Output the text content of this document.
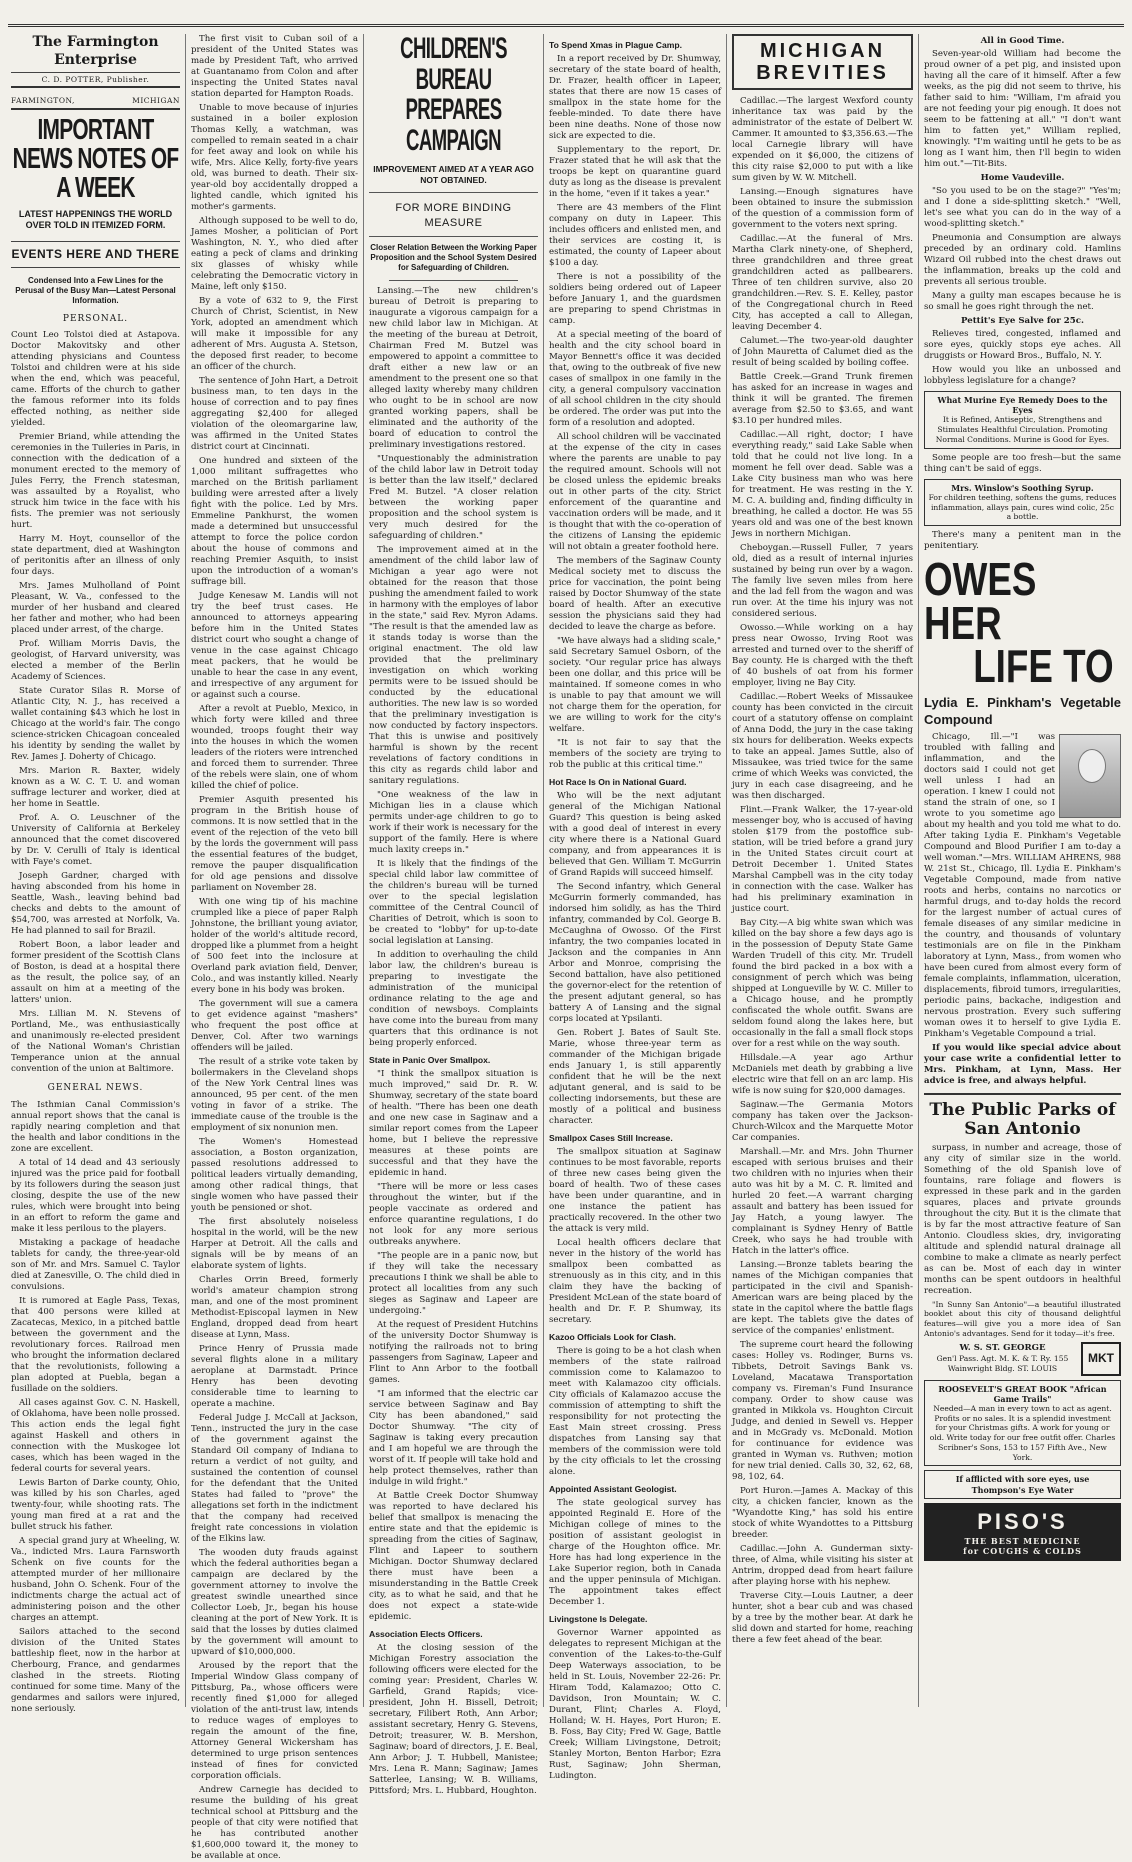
The Farmington Enterprise
C. D. POTTER, Publisher.
FARMINGTON,	MICHIGAN
IMPORTANT NEWS NOTES OF A WEEK
LATEST HAPPENINGS THE WORLD OVER TOLD IN ITEMIZED FORM.
EVENTS HERE AND THERE
Condensed Into a Few Lines for the Perusal of the Busy Man—Latest Personal Information.
PERSONAL.

Count Leo Tolstoi died at Astapova. Doctor Makovitsky and other attending physicians and Countess Tolstoi and children were at his side when the end, which was peaceful, came. Efforts of the church to gather the famous reformer into its folds effected nothing, as neither side yielded.

Premier Briand, while attending the ceremonies in the Tuileries in Paris, in connection with the dedication of a monument erected to the memory of Jules Ferry, the French statesman, was assaulted by a Royalist, who struck him twice in the face with his fists. The premier was not seriously hurt.

Harry M. Hoyt, counsellor of the state department, died at Washington of peritonitis after an illness of only four days.

Mrs. James Mulholland of Point Pleasant, W. Va., confessed to the murder of her husband and cleared her father and mother, who had been placed under arrest, of the charge.

Prof. William Morris Davis, the geologist, of Harvard university, was elected a member of the Berlin Academy of Sciences.

State Curator Silas R. Morse of Atlantic City, N. J., has received a wallet containing $43 which he lost in Chicago at the world's fair. The congo science-stricken Chicagoan concealed his identity by sending the wallet by Rev. James J. Doherty of Chicago.

Mrs. Marion R. Baxter, widely known as a W. C. T. U. and woman suffrage lecturer and worker, died at her home in Seattle.

Prof. A. O. Leuschner of the University of California at Berkeley announced that the comet discovered by Dr. V. Cerulli of Italy is identical with Faye's comet.

Joseph Gardner, charged with having absconded from his home in Seattle, Wash., leaving behind bad checks and debts to the amount of $54,700, was arrested at Norfolk, Va. He had planned to sail for Brazil.

Robert Boon, a labor leader and former president of the Scottish Clans of Boston, is dead at a hospital there as the result, the police say, of an assault on him at a meeting of the latters' union.

Mrs. Lillian M. N. Stevens of Portland, Me., was enthusiastically and unanimously re-elected president of the National Woman's Christian Temperance union at the annual convention of the union at Baltimore.

GENERAL NEWS.

The Isthmian Canal Commission's annual report shows that the canal is rapidly nearing completion and that the health and labor conditions in the zone are excellent.

A total of 14 dead and 43 seriously injured was the price paid for football by its followers during the season just closing, despite the use of the new rules, which were brought into being in an effort to reform the game and make it less perilous to the players.

Mistaking a package of headache tablets for candy, the three-year-old son of Mr. and Mrs. Samuel C. Taylor died at Zanesville, O. The child died in convulsions.

It is rumored at Eagle Pass, Texas, that 400 persons were killed at Zacatecas, Mexico, in a pitched battle between the government and the revolutionary forces. Railroad men who brought the information declared that the revolutionists, following a plan adopted at Puebla, began a fusillade on the soldiers.

All cases against Gov. C. N. Haskell, of Oklahoma, have been nolle prossed. This action ends the legal fight against Haskell and others in connection with the Muskogee lot cases, which has been waged in the federal courts for several years.

Lewis Barton of Darke county, Ohio, was killed by his son Charles, aged twenty-four, while shooting rats. The young man fired at a rat and the bullet struck his father.

A special grand jury at Wheeling, W. Va., indicted Mrs. Laura Farnsworth Schenk on five counts for the attempted murder of her millionaire husband, John O. Schenk. Four of the indictments charge the actual act of administering poison and the other charges an attempt.

Sailors attached to the second division of the United States battleship fleet, now in the harbor at Cherbourg, France, and gendarmes clashed in the streets. Rioting continued for some time. Many of the gendarmes and sailors were injured, none seriously.

The first visit to Cuban soil of a president of the United States was made by President Taft, who arrived at Guantanamo from Colon and after inspecting the United States naval station departed for Hampton Roads.

Unable to move because of injuries sustained in a boiler explosion Thomas Kelly, a watchman, was compelled to remain seated in a chair for feet away and look on while his wife, Mrs. Alice Kelly, forty-five years old, was burned to death. Their six-year-old boy accidentally dropped a lighted candle, which ignited his mother's garments.

Although supposed to be well to do, James Mosher, a politician of Port Washington, N. Y., who died after eating a peck of clams and drinking six glasses of whisky while celebrating the Democratic victory in Maine, left only $150.

By a vote of 632 to 9, the First Church of Christ, Scientist, in New York, adopted an amendment which will make it impossible for any adherent of Mrs. Augusta A. Stetson, the deposed first reader, to become an officer of the church.

The sentence of John Hart, a Detroit business man, to ten days in the house of correction and to pay fines aggregating $2,400 for alleged violation of the oleomargarine law, was affirmed in the United States district court at Cincinnati.

One hundred and sixteen of the 1,000 militant suffragettes who marched on the British parliament building were arrested after a lively fight with the police. Led by Mrs. Emmeline Pankhurst, the women made a determined but unsuccessful attempt to force the police cordon about the house of commons and reaching Premier Asquith, to insist upon the introduction of a woman's suffrage bill.

Judge Kenesaw M. Landis will not try the beef trust cases. He announced to attorneys appearing before him in the United States district court who sought a change of venue in the case against Chicago meat packers, that he would be unable to hear the case in any event, and irrespective of any argument for or against such a course.

After a revolt at Pueblo, Mexico, in which forty were killed and three wounded, troops fought their way into the houses in which the women leaders of the rioters were intrenched and forced them to surrender. Three of the rebels were slain, one of whom killed the chief of police.

Premier Asquith presented his program in the British house of commons. It is now settled that in the event of the rejection of the veto bill by the lords the government will pass the essential features of the budget, remove the pauper disqualification for old age pensions and dissolve parliament on November 28.

With one wing tip of his machine crumpled like a piece of paper Ralph Johnstone, the brilliant young aviator, holder of the world's altitude record, dropped like a plummet from a height of 500 feet into the inclosure at Overland park aviation field, Denver, Colo., and was instantly killed. Nearly every bone in his body was broken.

The government will sue a camera to get evidence against "mashers" who frequent the post office at Denver, Col. After two warnings offenders will be jailed.

The result of a strike vote taken by boilermakers in the Cleveland shops of the New York Central lines was announced, 95 per cent. of the men voting in favor of a strike. The immediate cause of the trouble is the employment of six nonunion men.

The Women's Homestead association, a Boston organization, passed resolutions addressed to political leaders virtually demanding, among other radical things, that single women who have passed their youth be pensioned or shot.

The first absolutely noiseless hospital in the world, will be the new Harper at Detroit. All the calls and signals will be by means of an elaborate system of lights.

Charles Orrin Breed, formerly world's amateur champion strong man, and one of the most prominent Methodist-Episcopal laymen in New England, dropped dead from heart disease at Lynn, Mass.

Prince Henry of Prussia made several flights alone in a military aeroplane at Darmstadt. Prince Henry has been devoting considerable time to learning to operate a machine.

Federal Judge J. McCall at Jackson, Tenn., instructed the jury in the case of the government against the Standard Oil company of Indiana to return a verdict of not guilty, and sustained the contention of counsel for the defendant that the United States had failed to "prove" the allegations set forth in the indictment that the company had received freight rate concessions in violation of the Elkins law.

The wooden duty frauds against which the federal authorities began a campaign are declared by the government attorney to involve the greatest swindle unearthed since Collector Loeb, Jr., began his house cleaning at the port of New York. It is said that the losses by duties claimed by the government will amount to upward of $10,000,000.

Aroused by the report that the Imperial Window Glass company of Pittsburg, Pa., whose officers were recently fined $1,000 for alleged violation of the anti-trust law, intends to reduce wages of employes to regain the amount of the fine, Attorney General Wickersham has determined to urge prison sentences instead of fines for convicted corporation officials.

Andrew Carnegie has decided to resume the building of his great technical school at Pittsburg and the people of that city were notified that he has contributed another $1,600,000 toward it, the money to be available at once.

CHILDREN'S BUREAU PREPARES CAMPAIGN
IMPROVEMENT AIMED AT A YEAR AGO NOT OBTAINED.
FOR MORE BINDING MEASURE
Closer Relation Between the Working Paper Proposition and the School System Desired for Safeguarding of Children.

Lansing.—The new children's bureau of Detroit is preparing to inaugurate a vigorous campaign for a new child labor law in Michigan. At the meeting of the bureau at Detroit, Chairman Fred M. Butzel was empowered to appoint a committee to draft either a new law or an amendment to the present one so that alleged laxity whereby many children who ought to be in school are now granted working papers, shall be eliminated and the authority of the board of education to control the preliminary investigations restored.

"Unquestionably the administration of the child labor law in Detroit today is better than the law itself," declared Fred M. Butzel. "A closer relation between the working paper proposition and the school system is very much desired for the safeguarding of children."

The improvement aimed at in the amendment of the child labor law of Michigan a year ago were not obtained for the reason that those pushing the amendment failed to work in harmony with the employes of labor in the state," said Rev. Myron Adams. "The result is that the amended law as it stands today is worse than the original enactment. The old law provided that the preliminary investigation on which working permits were to be issued should be conducted by the educational authorities. The new law is so worded that the preliminary investigation is now conducted by factory inspectors. That this is unwise and positively harmful is shown by the recent revelations of factory conditions in this city as regards child labor and sanitary regulations.

"One weakness of the law in Michigan lies in a clause which permits under-age children to go to work if their work is necessary for the support of the family. Here is where much laxity creeps in."

It is likely that the findings of the special child labor law committee of the children's bureau will be turned over to the special legislation committee of the Central Council of Charities of Detroit, which is soon to be created to "lobby" for up-to-date social legislation at Lansing.

In addition to overhauling the child labor law, the children's bureau is preparing to investigate the administration of the municipal ordinance relating to the age and condition of newsboys. Complaints have come into the bureau from many quarters that this ordinance is not being properly enforced.

State in Panic Over Smallpox.

"I think the smallpox situation is much improved," said Dr. R. W. Shumway, secretary of the state board of health. "There has been one death and one new case in Saginaw and a similar report comes from the Lapeer home, but I believe the repressive measures at these points are successful and that they have the epidemic in hand.

"There will be more or less cases throughout the winter, but if the people vaccinate as ordered and enforce quarantine regulations, I do not look for any more serious outbreaks anywhere.

"The people are in a panic now, but if they will take the necessary precautions I think we shall be able to protect all localities from any such sieges as Saginaw and Lapeer are undergoing."

At the request of President Hutchins of the university Doctor Shumway is notifying the railroads not to bring passengers from Saginaw, Lapeer and Flint to Ann Arbor to the football games.

"I am informed that the electric car service between Saginaw and Bay City has been abandoned," said Doctor Shumway. "The city of Saginaw is taking every precaution and I am hopeful we are through the worst of it. If people will take hold and help protect themselves, rather than indulge in wild fright."

At Battle Creek Doctor Shumway was reported to have declared his belief that smallpox is menacing the entire state and that the epidemic is spreading from the cities of Saginaw, Flint and Lapeer to southern Michigan. Doctor Shumway declared there must have been a misunderstanding in the Battle Creek city, as to what he said, and that he does not expect a state-wide epidemic.

Association Elects Officers.

At the closing session of the Michigan Forestry association the following officers were elected for the coming year: President, Charles W. Garfield, Grand Rapids; vice-president, John H. Bissell, Detroit; secretary, Filibert Roth, Ann Arbor; assistant secretary, Henry G. Stevens, Detroit; treasurer, W. B. Mershon, Saginaw; board of directors, J. E. Beal, Ann Arbor; J. T. Hubbell, Manistee; Mrs. Lena R. Mann; Saginaw; James Satterlee, Lansing; W. B. Williams, Pittsford; Mrs. L. Hubbard, Houghton.

To Spend Xmas in Plague Camp.

In a report received by Dr. Shumway, secretary of the state board of health, Dr. Frazer, health officer in Lapeer, states that there are now 15 cases of smallpox in the state home for the feeble-minded. To date there have been nine deaths. None of those now sick are expected to die.

Supplementary to the report, Dr. Frazer stated that he will ask that the troops be kept on quarantine guard duty as long as the disease is prevalent in the home, "even if it takes a year."

There are 43 members of the Flint company on duty in Lapeer. This includes officers and enlisted men, and their services are costing it, is estimated, the county of Lapeer about $100 a day.

There is not a possibility of the soldiers being ordered out of Lapeer before January 1, and the guardsmen are preparing to spend Christmas in camp.

At a special meeting of the board of health and the city school board in Mayor Bennett's office it was decided that, owing to the outbreak of five new cases of smallpox in one family in the city, a general compulsory vaccination of all school children in the city should be ordered. The order was put into the form of a resolution and adopted.

All school children will be vaccinated at the expense of the city in cases where the parents are unable to pay the required amount. Schools will not be closed unless the epidemic breaks out in other parts of the city. Strict enforcement of the quarantine and vaccination orders will be made, and it is thought that with the co-operation of the citizens of Lansing the epidemic will not obtain a greater foothold here.

The members of the Saginaw County Medical society met to discuss the price for vaccination, the point being raised by Doctor Shumway of the state board of health. After an executive session the physicians said they had decided to leave the charge as before.

"We have always had a sliding scale," said Secretary Samuel Osborn, of the society. "Our regular price has always been one dollar, and this price will be maintained. If someone comes in who is unable to pay that amount we will not charge them for the operation, for we are willing to work for the city's welfare.

"It is not fair to say that the members of the society are trying to rob the public at this critical time."

Hot Race Is On in National Guard.

Who will be the next adjutant general of the Michigan National Guard? This question is being asked with a good deal of interest in every city where there is a National Guard company, and from appearances it is believed that Gen. William T. McGurrin of Grand Rapids will succeed himself.

The Second infantry, which General McGurrin formerly commanded, has indorsed him solidly, as has the Third infantry, commanded by Col. George B. McCaughna of Owosso. Of the First infantry, the two companies located in Jackson and the companies in Ann Arbor and Monroe, comprising the Second battalion, have also petitioned the governor-elect for the retention of the present adjutant general, so has battery A of Lansing and the signal corps located at Ypsilanti.

Gen. Robert J. Bates of Sault Ste. Marie, whose three-year term as commander of the Michigan brigade ends January 1, is still apparently confident that he will be the next adjutant general, and is said to be collecting indorsements, but these are mostly of a political and business character.

Smallpox Cases Still Increase.

The smallpox situation at Saginaw continues to be most favorable, reports of three new cases being given the board of health. Two of these cases have been under quarantine, and in one instance the patient has practically recovered. In the other two the attack is very mild.

Local health officers declare that never in the history of the world has smallpox been combatted as strenuously as in this city, and in this claim they have the backing of President McLean of the state board of health and Dr. F. P. Shumway, its secretary.

Kazoo Officials Look for Clash.

There is going to be a hot clash when members of the state railroad commission come to Kalamazoo to meet with Kalamazoo city officials. City officials of Kalamazoo accuse the commission of attempting to shift the responsibility for not protecting the East Main street crossing. Press dispatches from Lansing say that members of the commission were told by the city officials to let the crossing alone.

Appointed Assistant Geologist.

The state geological survey has appointed Reginald E. Hore of the Michigan college of mines to the position of assistant geologist in charge of the Houghton office. Mr. Hore has had long experience in the Lake Superior region, both in Canada and the upper peninsula of Michigan. The appointment takes effect December 1.

Livingstone Is Delegate.

Governor Warner appointed as delegates to represent Michigan at the convention of the Lakes-to-the-Gulf Deep Waterways association, to be held in St. Louis, November 22-26: Pr. Hiram Todd, Kalamazoo; Otto C. Davidson, Iron Mountain; W. C. Durant, Flint; Charles A. Floyd, Holland; W. H. Hayes, Port Huron; E. B. Foss, Bay City; Fred W. Gage, Battle Creek; William Livingstone, Detroit; Stanley Morton, Benton Harbor; Ezra Rust, Saginaw; John Sherman, Ludington.

MICHIGAN BREVITIES

Cadillac.—The largest Wexford county inheritance tax was paid by the administrator of the estate of Delbert W. Cammer. It amounted to $3,356.63.—The local Carnegie library will have expended on it $6,000, the citizens of this city raise $2,000 to put with a like sum given by W. W. Mitchell.

Lansing.—Enough signatures have been obtained to insure the submission of the question of a commission form of government to the voters next spring.

Cadillac.—At the funeral of Mrs. Martha Clark ninety-one, of Shepherd, three grandchildren and three great grandchildren acted as pallbearers. Three of ten children survive, also 20 grandchildren.—Rev. S. E. Kelley, pastor of the Congregational church in Reed City, has accepted a call to Allegan, leaving December 4.

Calumet.—The two-year-old daughter of John Mauretta of Calumet died as the result of being scalded by boiling coffee.

Battle Creek.—Grand Trunk firemen has asked for an increase in wages and think it will be granted. The firemen average from $2.50 to $3.65, and want $3.10 per hundred miles.

Cadillac.—All right, doctor; I have everything ready," said Lake Sable when told that he could not live long. In a moment he fell over dead. Sable was a Lake City business man who was here for treatment. He was resting in the Y. M. C. A. building and, finding difficulty in breathing, he called a doctor. He was 55 years old and was one of the best known Jews in northern Michigan.

Cheboygan.—Russell Fuller, 7 years old, died as a result of internal injuries sustained by being run over by a wagon. The family live seven miles from here and the lad fell from the wagon and was run over. At the time his injury was not considered serious.

Owosso.—While working on a hay press near Owosso, Irving Root was arrested and turned over to the sheriff of Bay county. He is charged with the theft of 40 bushels of oat from his former employer, living ne Bay City.

Cadillac.—Robert Weeks of Missaukee county has been convicted in the circuit court of a statutory offense on complaint of Anna Dodd, the jury in the case taking six hours for deliberation. Weeks expects to take an appeal. James Suttle, also of Missaukee, was tried twice for the same crime of which Weeks was convicted, the jury in each case disagreeing, and he was then discharged.

Flint.—Frank Walker, the 17-year-old messenger boy, who is accused of having stolen $179 from the postoffice sub-station, will be tried before a grand jury in the United States circuit court at Detroit December 1. United States Marshal Campbell was in the city today in connection with the case. Walker has had his preliminary examination in justice court.

Bay City.—A big white swan which was killed on the bay shore a few days ago is in the possession of Deputy State Game Warden Trudell of this city. Mr. Trudell found the bird packed in a box with a consignment of perch which was being shipped at Longueville by W. C. Miller to a Chicago house, and he promptly confiscated the whole outfit. Swans are seldom found along the lakes here, but occasionally in the fall a small flock stops over for a rest while on the way south.

Hillsdale.—A year ago Arthur McDaniels met death by grabbing a live electric wire that fell on an arc lamp. His wife is now suing for $20,000 damages.

Saginaw.—The Germania Motors company has taken over the Jackson-Church-Wilcox and the Marquette Motor Car companies.

Marshall.—Mr. and Mrs. John Thurner escaped with serious bruises and their two children with no injuries when their auto was hit by a M. C. R. limited and hurled 20 feet.—A warrant charging assault and battery has been issued for Jay Hatch, a young lawyer. The complainant is Sydney Henry of Battle Creek, who says he had trouble with Hatch in the latter's office.

Lansing.—Bronze tablets bearing the names of the Michigan companies that participated in the civil and Spanish-American wars are being placed by the state in the capitol where the battle flags are kept. The tablets give the dates of service of the companies' enlistment.

The supreme court heard the following cases: Holley vs. Rodinger, Burns vs. Tibbets, Detroit Savings Bank vs. Loveland, Macatawa Transportation company vs. Fireman's Fund Insurance company. Order to show cause was granted in Mikkola vs. Houghton Circuit Judge, and denied in Sewell vs. Hepper and in McGrady vs. McDonald. Motion for continuance for evidence was granted in Wyman vs. Ruthven; motion for new trial denied. Calls 30, 32, 62, 68, 98, 102, 64.

Port Huron.—James A. Mackay of this city, a chicken fancier, known as the "Wyandotte King," has sold his entire stock of white Wyandottes to a Pittsburg breeder.

Cadillac.—John A. Gunderman sixty-three, of Alma, while visiting his sister at Antrim, dropped dead from heart failure after playing horse with his nephew.

Traverse City.—Louis Lautner, a deer hunter, shot a bear cub and was chased by a tree by the mother bear. At dark he slid down and started for home, reaching there a few feet ahead of the bear.

All in Good Time.

Seven-year-old William had become the proud owner of a pet pig, and insisted upon having all the care of it himself. After a few weeks, as the pig did not seem to thrive, his father said to him: "William, I'm afraid you are not feeding your pig enough. It does not seem to be fattening at all." "I don't want him to fatten yet," William replied, knowingly. "I'm waiting until he gets to be as long as I want him, then I'll begin to widen him out."—Tit-Bits.

Home Vaudeville.

"So you used to be on the stage?" "Yes'm; and I done a side-splitting sketch." "Well, let's see what you can do in the way of a wood-splitting sketch."

Pneumonia and Consumption are always preceded by an ordinary cold. Hamlins Wizard Oil rubbed into the chest draws out the inflammation, breaks up the cold and prevents all serious trouble.

Many a guilty man escapes because he is so small he goes right through the net.

Pettit's Eye Salve for 25c.

Relieves tired, congested, inflamed and sore eyes, quickly stops eye aches. All druggists or Howard Bros., Buffalo, N. Y.

How would you like an unbossed and lobbyless legislature for a change?

What Murine Eye Remedy Does to the Eyes
It is Refined, Antiseptic, Strengthens and Stimulates Healthful Circulation. Promoting Normal Conditions. Murine is Good for Eyes.

Some people are too fresh—but the same thing can't be said of eggs.

Mrs. Winslow's Soothing Syrup.
For children teething, softens the gums, reduces inflammation, allays pain, cures wind colic, 25c a bottle.

There's many a penitent man in the penitentiary.

OWES
HER
LIFE TO
Lydia E. Pinkham's Vegetable Compound

Chicago, Ill.—"I was troubled with falling and inflammation, and the doctors said I could not get well unless I had an operation. I knew I could not stand the strain of one, so I wrote to you sometime ago about my health and you told me what to do. After taking Lydia E. Pinkham's Vegetable Compound and Blood Purifier I am to-day a well woman."—Mrs. WILLIAM AHRENS, 988 W. 21st St., Chicago, Ill. Lydia E. Pinkham's Vegetable Compound, made from native roots and herbs, contains no narcotics or harmful drugs, and to-day holds the record for the largest number of actual cures of female diseases of any similar medicine in the country, and thousands of voluntary testimonials are on file in the Pinkham laboratory at Lynn, Mass., from women who have been cured from almost every form of female complaints, inflammation, ulceration, displacements, fibroid tumors, irregularities, periodic pains, backache, indigestion and nervous prostration. Every such suffering woman owes it to herself to give Lydia E. Pinkham's Vegetable Compound a trial.

If you would like special advice about your case write a confidential letter to Mrs. Pinkham, at Lynn, Mass. Her advice is free, and always helpful.

The Public Parks of San Antonio

surpass, in number and acreage, those of any city of similar size in the world. Something of the old Spanish love of fountains, rare foliage and flowers is expressed in these park and in the garden squares, places and private grounds throughout the city. But it is the climate that is by far the most attractive feature of San Antonio. Cloudless skies, dry, invigorating altitude and splendid natural drainage all combine to make a climate as nearly perfect as can be. Most of each day in winter months can be spent outdoors in healthful recreation.

"In Sunny San Antonio"—a beautiful illustrated booklet about this city of thousand delightful features—will give you a more idea of San Antonio's advantages. Send for it today—it's free.

W. S. ST. GEORGE
Gen'l Pass. Agt. M. K. & T. Ry. 155 Wainwright Bldg. ST. LOUIS
MKT
ROOSEVELT'S GREAT BOOK "African Game Trails"
Needed—A man in every town to act as agent. Profits or no sales. It is a splendid investment for your Christmas gifts. A work for young or old. Write today for our free outfit offer. Charles Scribner's Sons, 153 to 157 Fifth Ave., New York.
If afflicted with sore eyes, use Thompson's Eye Water
PISO'S
THE BEST MEDICINE
for COUGHS & COLDS
